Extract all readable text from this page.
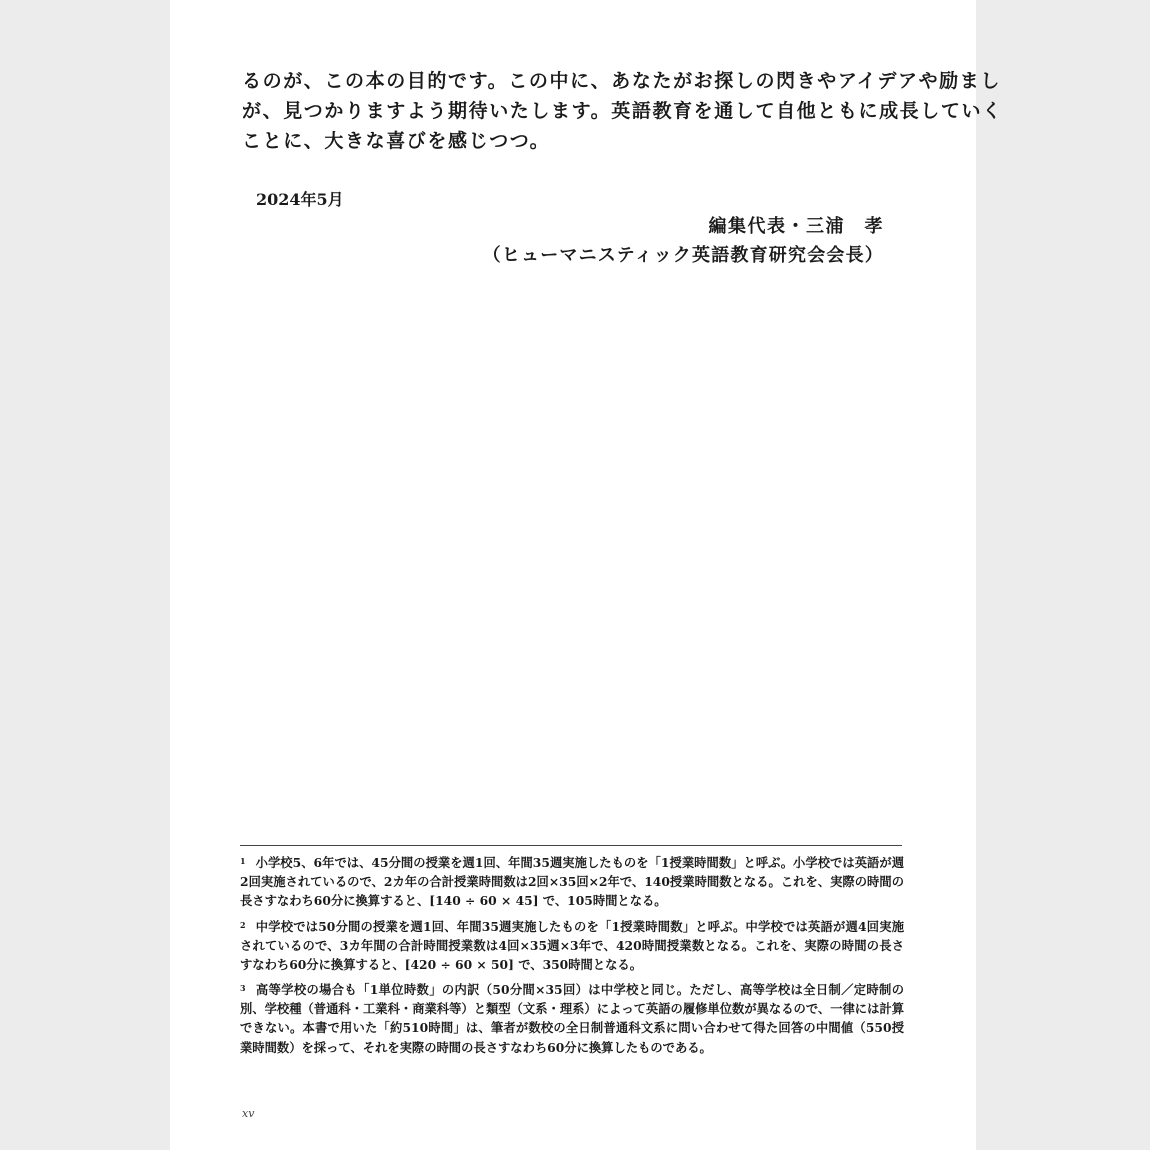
るのが、この本の目的です。この中に、あなたがお探しの閃きやアイデアや励まし
が、見つかりますよう期待いたします。英語教育を通して自他ともに成長していく
ことに、大きな喜びを感じつつ。
2024年5月
編集代表・三浦　孝
（ヒューマニスティック英語教育研究会会長）

$^1$ 小学校5、6年では、45分間の授業を週1回、年間35週実施したものを「1授業時間数」と呼ぶ。小学校では英語が週2回実施されているので、2カ年の合計授業時間数は2回×35回×2年で、140授業時間数となる。これを、実際の時間の長さすなわち60分に換算すると、[140 ÷ 60 × 45] で、105時間となる。

$^2$ 中学校では50分間の授業を週1回、年間35週実施したものを「1授業時間数」と呼ぶ。中学校では英語が週4回実施されているので、3カ年間の合計時間授業数は4回×35週×3年で、420時間授業数となる。これを、実際の時間の長さすなわち60分に換算すると、[420 ÷ 60 × 50] で、350時間となる。

$^3$ 高等学校の場合も「1単位時数」の内訳（50分間×35回）は中学校と同じ。ただし、高等学校は全日制／定時制の別、学校種（普通科・工業科・商業科等）と類型（文系・理系）によって英語の履修単位数が異なるので、一律には計算できない。本書で用いた「約510時間」は、筆者が数校の全日制普通科文系に問い合わせて得た回答の中間値（550授業時間数）を採って、それを実際の時間の長さすなわち60分に換算したものである。

xv
